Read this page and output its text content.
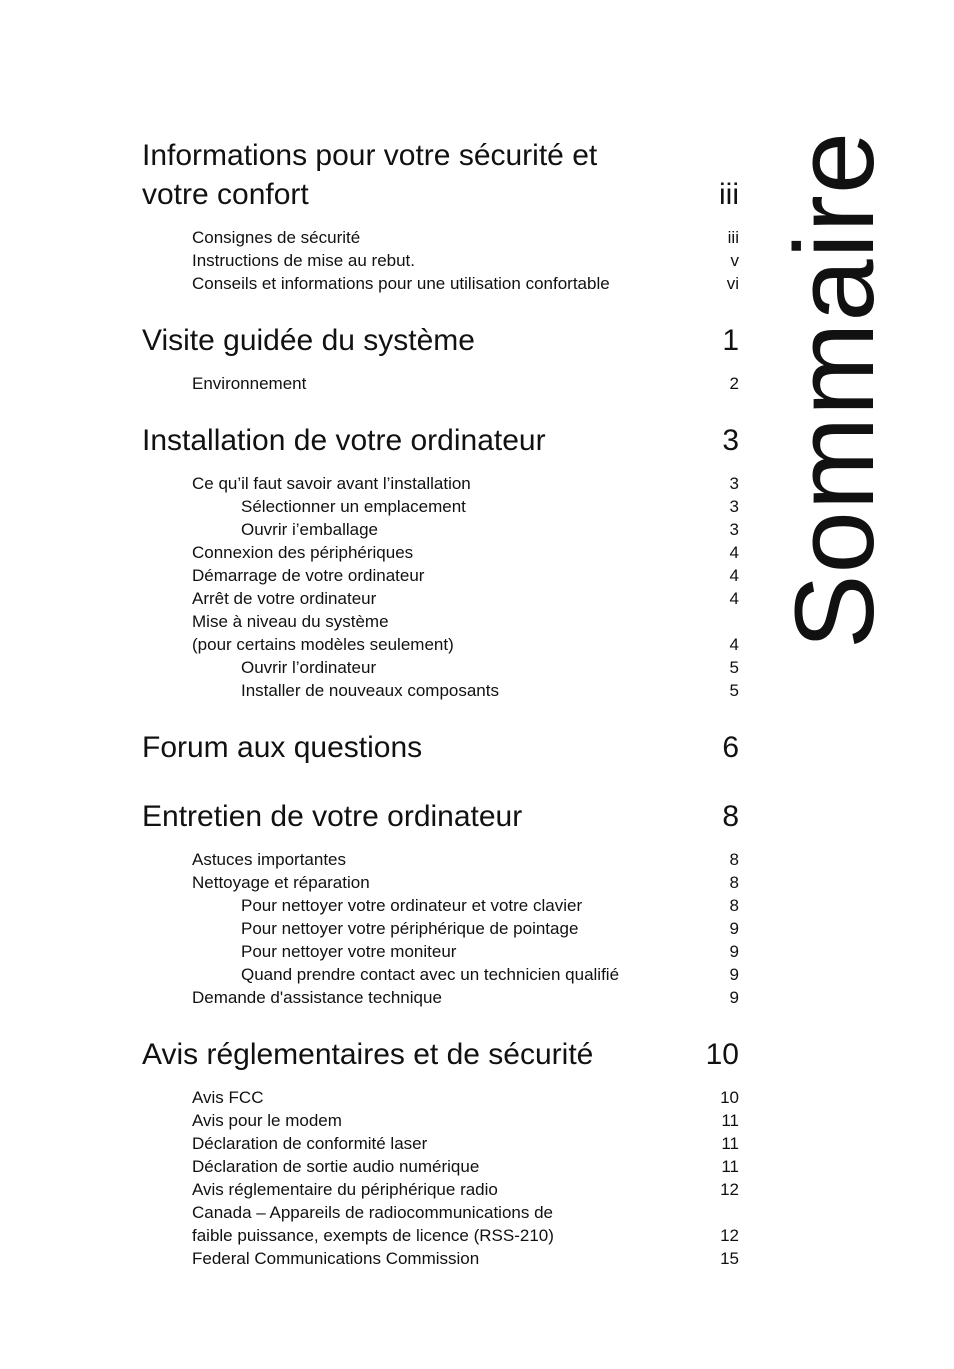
Informations pour votre sécurité et votre confort	iii
Consignes de sécurité	iii
Instructions de mise au rebut.	v
Conseils et informations pour une utilisation confortable	vi
Visite guidée du système	1
Environnement	2
Installation de votre ordinateur	3
Ce qu’il faut savoir avant l’installation	3
Sélectionner un emplacement	3
Ouvrir i’emballage	3
Connexion des périphériques	4
Démarrage de votre ordinateur	4
Arrêt de votre ordinateur	4
Mise à niveau du système
(pour certains modèles seulement)	4
Ouvrir l’ordinateur	5
Installer de nouveaux composants	5
Forum aux questions	6
Entretien de votre ordinateur	8
Astuces importantes	8
Nettoyage et réparation	8
Pour nettoyer votre ordinateur et votre clavier	8
Pour nettoyer votre périphérique de pointage	9
Pour nettoyer votre moniteur	9
Quand prendre contact avec un technicien qualifié	9
Demande d'assistance technique	9
Avis réglementaires et de sécurité	10
Avis FCC	10
Avis pour le modem	11
Déclaration de conformité laser	11
Déclaration de sortie audio numérique	11
Avis réglementaire du périphérique radio	12
Canada – Appareils de radiocommunications de
faible puissance, exempts de licence (RSS-210)	12
Federal Communications Commission	15
Sommaire
